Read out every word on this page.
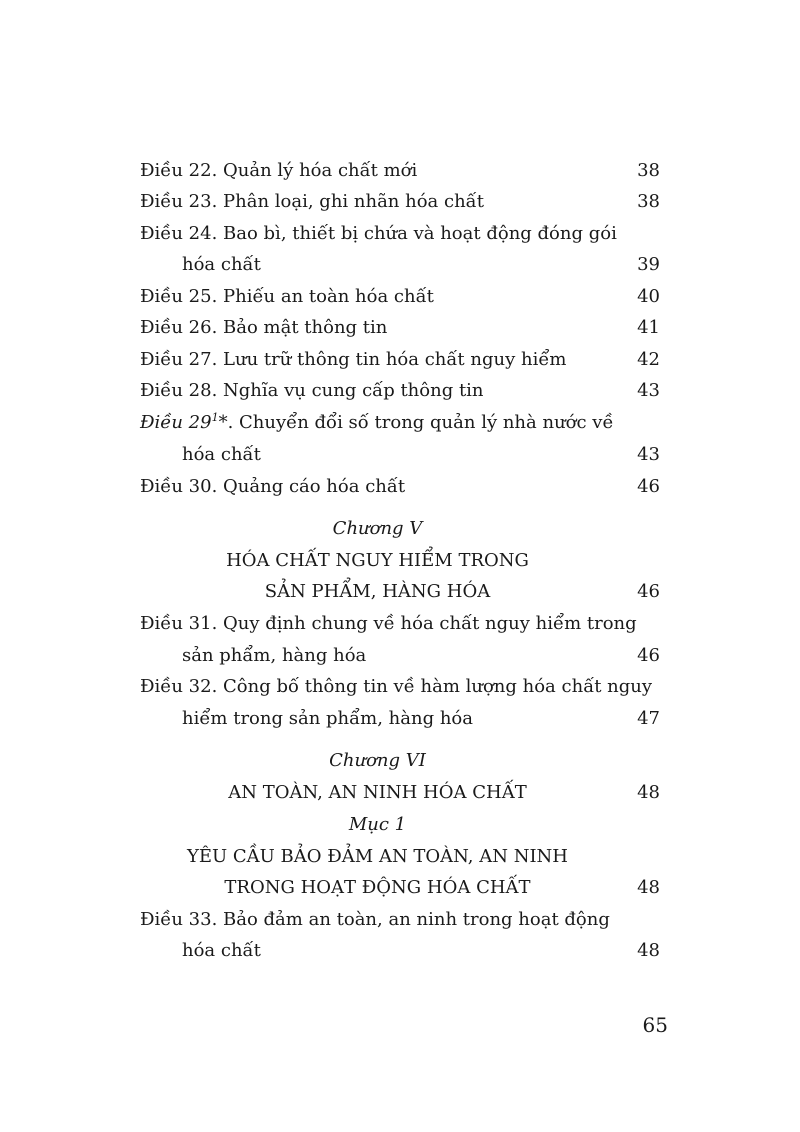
Điều 22. Quản lý hóa chất mới	38
Điều 23. Phân loại, ghi nhãn hóa chất	38
Điều 24. Bao bì, thiết bị chứa và hoạt động đóng gói
hóa chất	39
Điều 25. Phiếu an toàn hóa chất	40
Điều 26. Bảo mật thông tin	41
Điều 27. Lưu trữ thông tin hóa chất nguy hiểm	42
Điều 28. Nghĩa vụ cung cấp thông tin	43
Điều $29^1*$. Chuyển đổi số trong quản lý nhà nước về
hóa chất	43
Điều 30. Quảng cáo hóa chất	46
Chương V
HÓA CHẤT NGUY HIỂM TRONG
SẢN PHẨM, HÀNG HÓA	46
Điều 31. Quy định chung về hóa chất nguy hiểm trong
sản phẩm, hàng hóa	46
Điều 32. Công bố thông tin về hàm lượng hóa chất nguy
hiểm trong sản phẩm, hàng hóa	47
Chương VI
AN TOÀN, AN NINH HÓA CHẤT	48
Mục 1
YÊU CẦU BẢO ĐẢM AN TOÀN, AN NINH
TRONG HOẠT ĐỘNG HÓA CHẤT	48
Điều 33. Bảo đảm an toàn, an ninh trong hoạt động
hóa chất	48
65
